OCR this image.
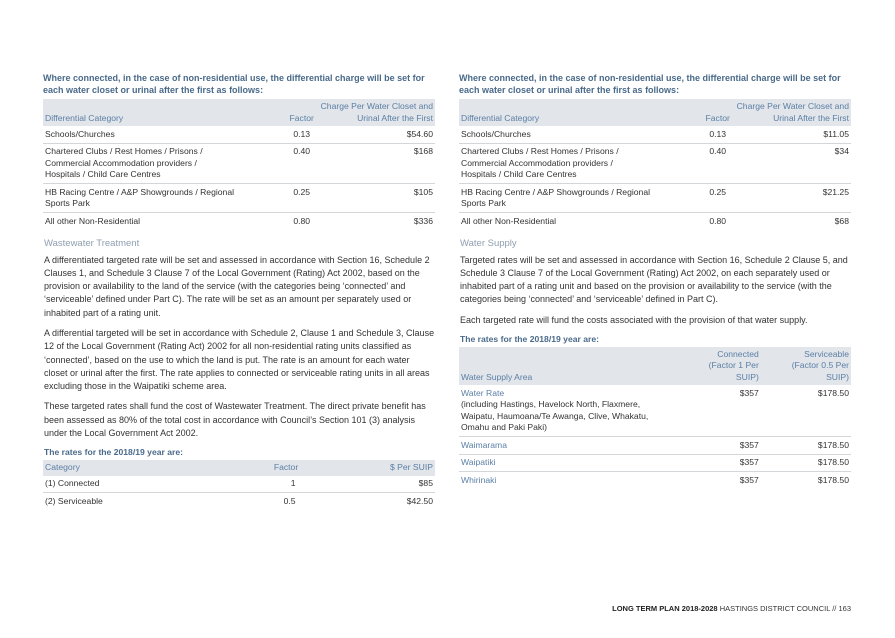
Where connected, in the case of non-residential use, the differential charge will be set for each water closet or urinal after the first as follows:

Differential Category	Factor	Charge Per Water Closet and Urinal After the First
Schools/Churches	0.13	$54.60
Chartered Clubs / Rest Homes / Prisons / Commercial Accommodation providers / Hospitals / Child Care Centres	0.40	$168
HB Racing Centre / A&P Showgrounds / Regional Sports Park	0.25	$105
All other Non-Residential	0.80	$336
Wastewater Treatment

A differentiated targeted rate will be set and assessed in accordance with Section 16, Schedule 2 Clauses 1, and Schedule 3 Clause 7 of the Local Government (Rating) Act 2002, based on the provision or availability to the land of the service (with the categories being ‘connected’ and ‘serviceable’ defined under Part C). The rate will be set as an amount per separately used or inhabited part of a rating unit.

A differential targeted will be set in accordance with Schedule 2, Clause 1 and Schedule 3, Clause 12 of the Local Government (Rating Act) 2002 for all non-residential rating units classified as ‘connected’, based on the use to which the land is put. The rate is an amount for each water closet or urinal after the first. The rate applies to connected or serviceable rating units in all areas excluding those in the Waipatiki scheme area.

These targeted rates shall fund the cost of Wastewater Treatment. The direct private benefit has been assessed as 80% of the total cost in accordance with Council’s Section 101 (3) analysis under the Local Government Act 2002.

The rates for the 2018/19 year are:
Category	Factor	$ Per SUIP
(1) Connected	1	$85
(2) Serviceable	0.5	$42.50

Where connected, in the case of non-residential use, the differential charge will be set for each water closet or urinal after the first as follows:

Differential Category	Factor	Charge Per Water Closet and Urinal After the First
Schools/Churches	0.13	$11.05
Chartered Clubs / Rest Homes / Prisons / Commercial Accommodation providers / Hospitals / Child Care Centres	0.40	$34
HB Racing Centre / A&P Showgrounds / Regional Sports Park	0.25	$21.25
All other Non-Residential	0.80	$68
Water Supply

Targeted rates will be set and assessed in accordance with Section 16, Schedule 2 Clause 5, and Schedule 3 Clause 7 of the Local Government (Rating) Act 2002, on each separately used or inhabited part of a rating unit and based on the provision or availability to the service (with the categories being ‘connected’ and ‘serviceable’ defined in Part C).

Each targeted rate will fund the costs associated with the provision of that water supply.

The rates for the 2018/19 year are:
Water Supply Area	Connected (Factor 1 Per SUIP)	Serviceable (Factor 0.5 Per SUIP)

Water Rate
(including Hastings, Havelock North, Flaxmere, Waipatu, Haumoana/Te Awanga, Clive, Whakatu, Omahu and Paki Paki)	$357	$178.50
Waimarama	$357	$178.50
Waipatiki	$357	$178.50
Whirinaki	$357	$178.50
LONG TERM PLAN 2018-2028 HASTINGS DISTRICT COUNCIL // 163
